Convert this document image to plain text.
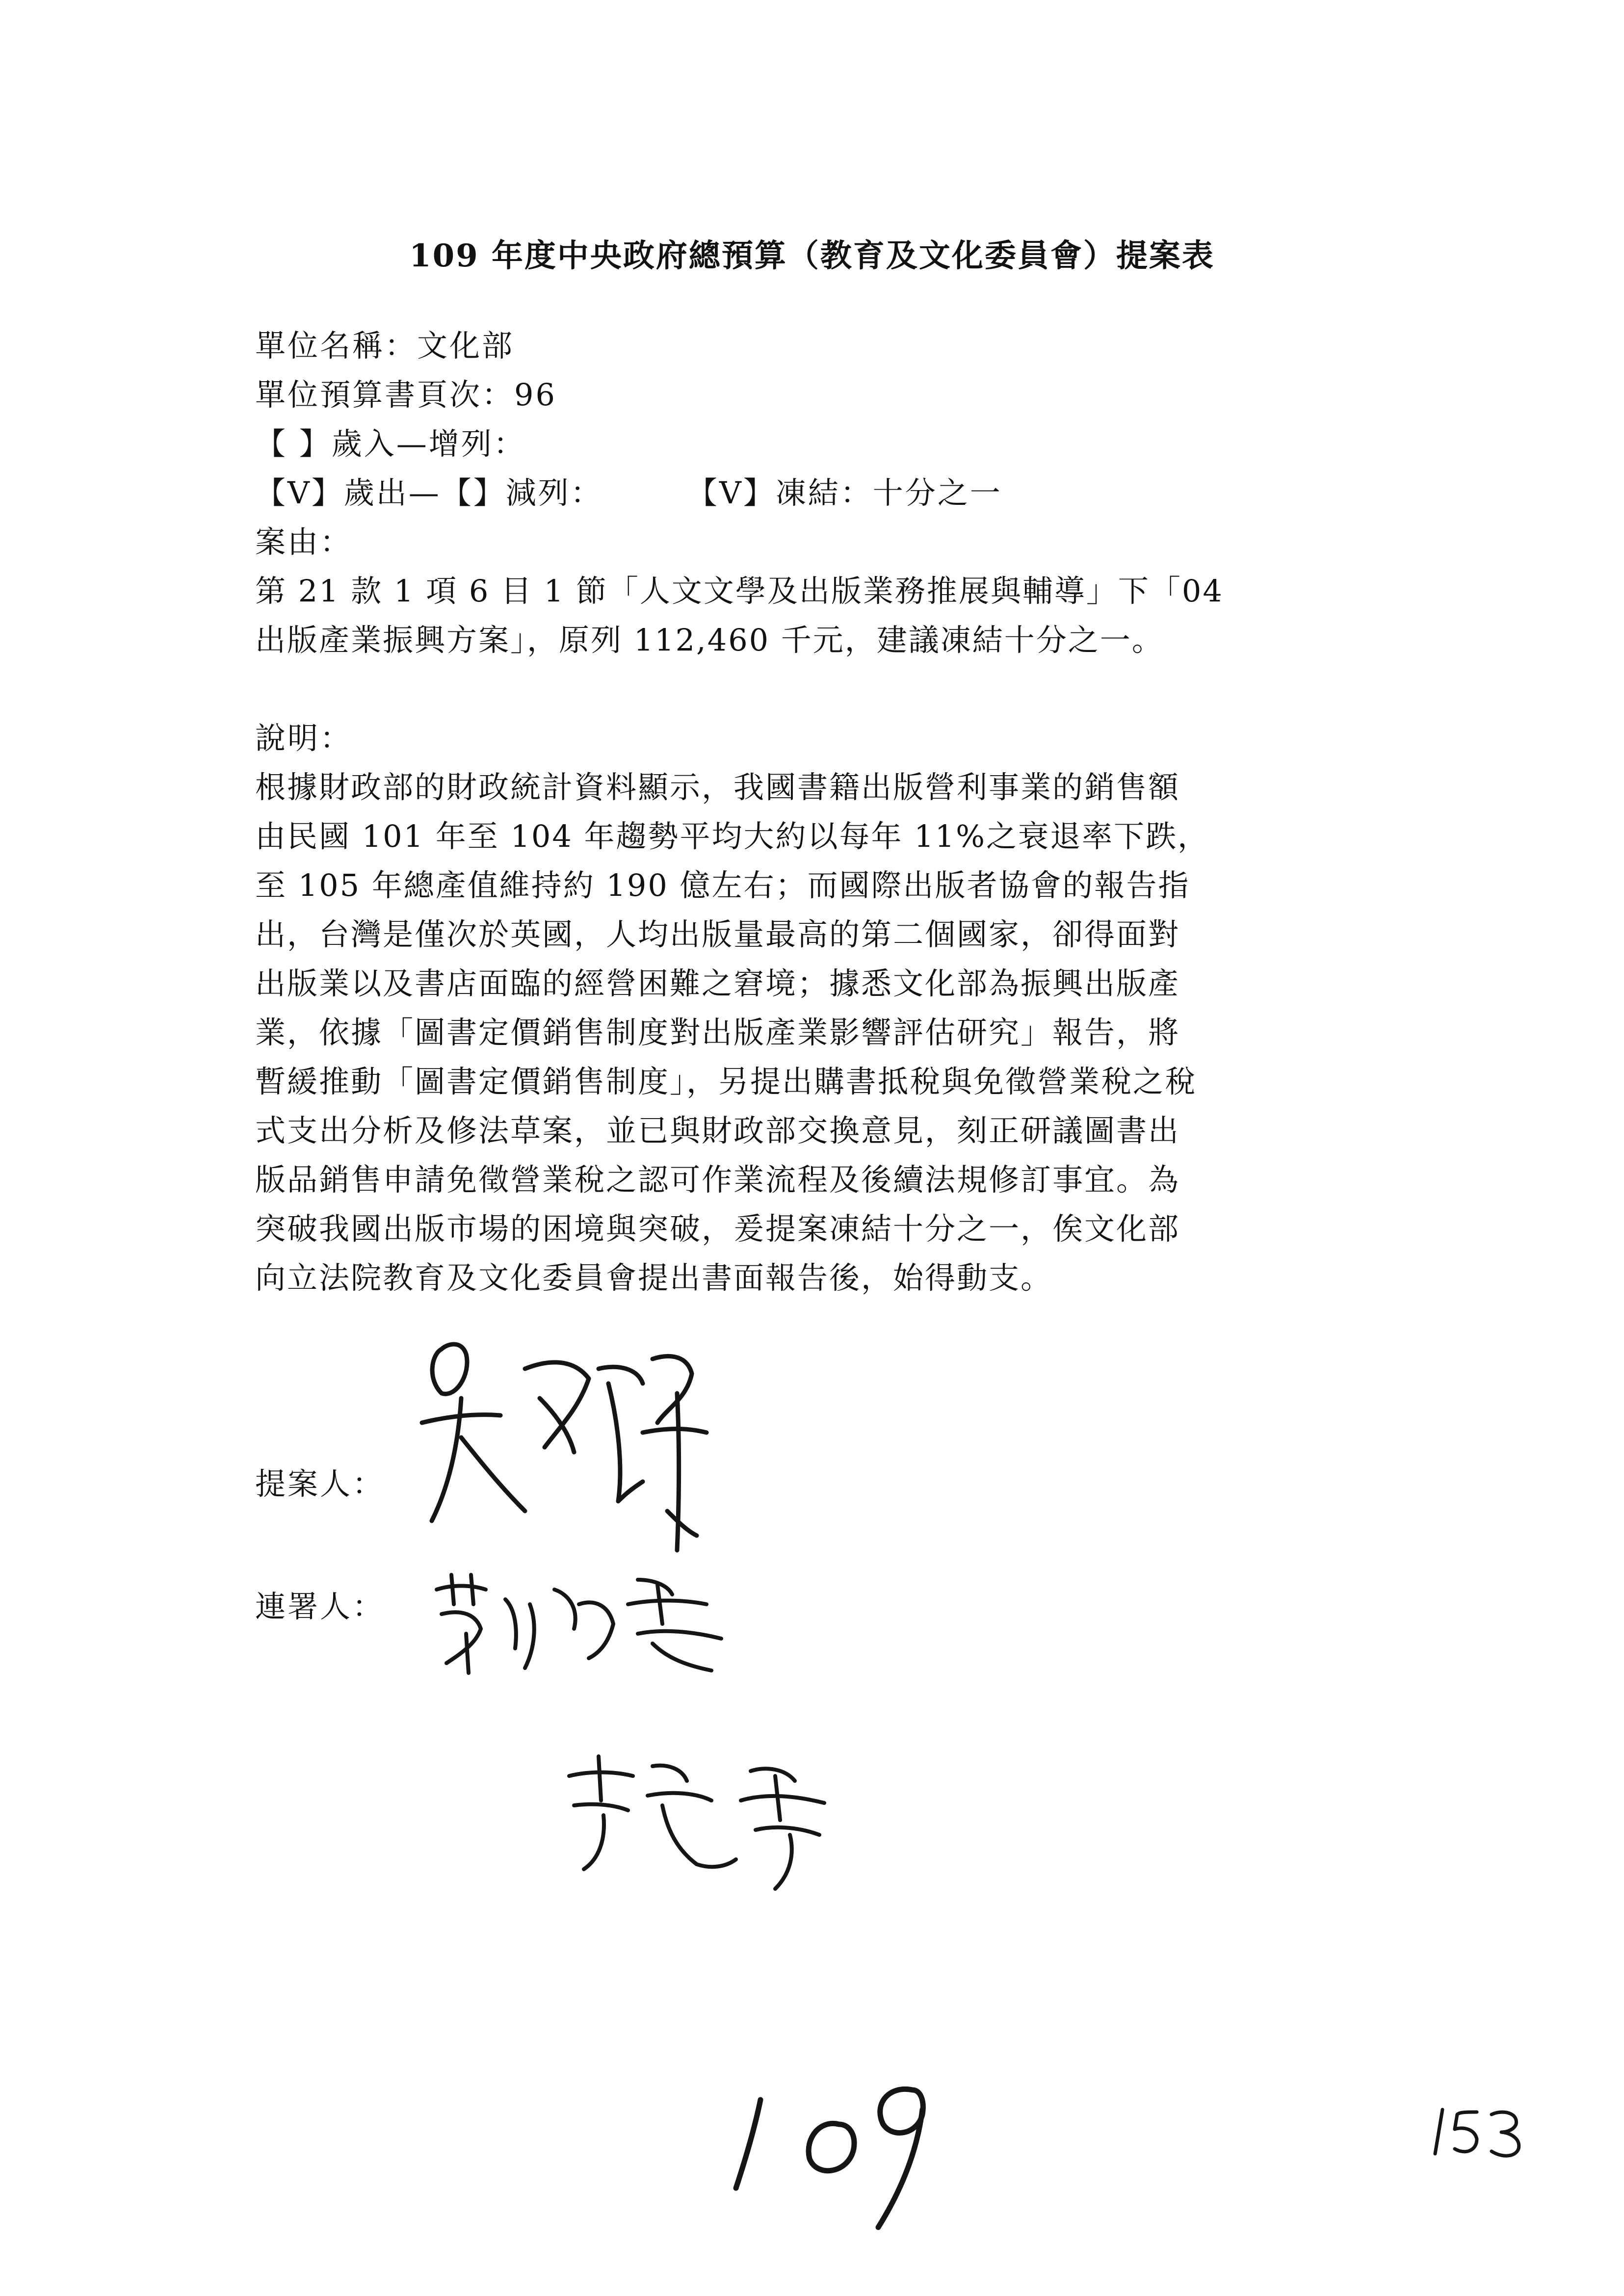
109 年度中央政府總預算（教育及文化委員會）提案表
單位名稱：文化部
單位預算書頁次：96
【 】歲入—增列：
【V】歲出—【】減列：	【V】凍結：十分之一
案由：
第 21 款 1 項 6 目 1 節「人文文學及出版業務推展與輔導」下「04
出版產業振興方案」，原列 112,460 千元，建議凍結十分之一。
說明：
根據財政部的財政統計資料顯示，我國書籍出版營利事業的銷售額
由民國 101 年至 104 年趨勢平均大約以每年 11%之衰退率下跌，
至 105 年總產值維持約 190 億左右；而國際出版者協會的報告指
出，台灣是僅次於英國，人均出版量最高的第二個國家，卻得面對
出版業以及書店面臨的經營困難之窘境；據悉文化部為振興出版產
業，依據「圖書定價銷售制度對出版產業影響評估研究」報告，將
暫緩推動「圖書定價銷售制度」，另提出購書抵稅與免徵營業稅之稅
式支出分析及修法草案，並已與財政部交換意見，刻正研議圖書出
版品銷售申請免徵營業稅之認可作業流程及後續法規修訂事宜。為
突破我國出版市場的困境與突破，爰提案凍結十分之一，俟文化部
向立法院教育及文化委員會提出書面報告後，始得動支。
提案人：
連署人：
